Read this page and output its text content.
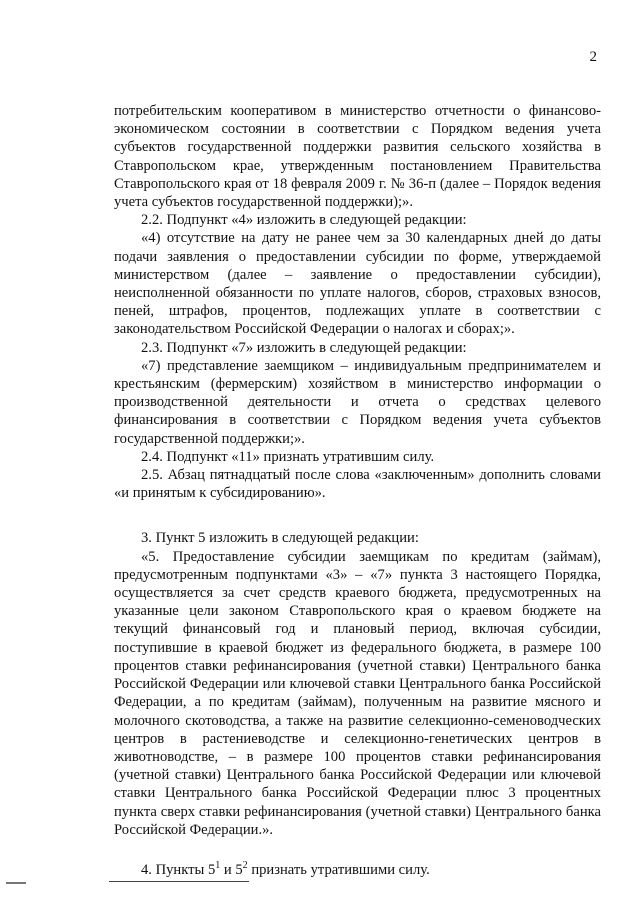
2

потребительским кооперативом в министерство отчетности о финансово-экономическом состоянии в соответствии с Порядком ведения учета субъектов государственной поддержки развития сельского хозяйства в Ставропольском крае, утвержденным постановлением Правительства Ставропольского края от 18 февраля 2009 г. № 36-п (далее – Порядок ведения учета субъектов государственной поддержки);».

2.2. Подпункт «4» изложить в следующей редакции:

«4) отсутствие на дату не ранее чем за 30 календарных дней до даты подачи заявления о предоставлении субсидии по форме, утверждаемой министерством (далее – заявление о предоставлении субсидии), неисполненной обязанности по уплате налогов, сборов, страховых взносов, пеней, штрафов, процентов, подлежащих уплате в соответствии с законодательством Российской Федерации о налогах и сборах;».

2.3. Подпункт «7» изложить в следующей редакции:

«7) представление заемщиком – индивидуальным предпринимателем и крестьянским (фермерским) хозяйством в министерство информации о производственной деятельности и отчета о средствах целевого финансирования в соответствии с Порядком ведения учета субъектов государственной поддержки;».

2.4. Подпункт «11» признать утратившим силу.

2.5. Абзац пятнадцатый после слова «заключенным» дополнить словами «и принятым к субсидированию».

3. Пункт 5 изложить в следующей редакции:

«5. Предоставление субсидии заемщикам по кредитам (займам), предусмотренным подпунктами «3» – «7» пункта 3 настоящего Порядка, осуществляется за счет средств краевого бюджета, предусмотренных на указанные цели законом Ставропольского края о краевом бюджете на текущий финансовый год и плановый период, включая субсидии, поступившие в краевой бюджет из федерального бюджета, в размере 100 процентов ставки рефинансирования (учетной ставки) Центрального банка Российской Федерации или ключевой ставки Центрального банка Российской Федерации, а по кредитам (займам), полученным на развитие мясного и молочного скотоводства, а также на развитие селекционно-семеноводческих центров в растениеводстве и селекционно-генетических центров в животноводстве, – в размере 100 процентов ставки рефинансирования (учетной ставки) Центрального банка Российской Федерации или ключевой ставки Центрального банка Российской Федерации плюс 3 процентных пункта сверх ставки рефинансирования (учетной ставки) Центрального банка Российской Федерации.».

4. Пункты $5^1$ и $5^2$ признать утратившими силу.
